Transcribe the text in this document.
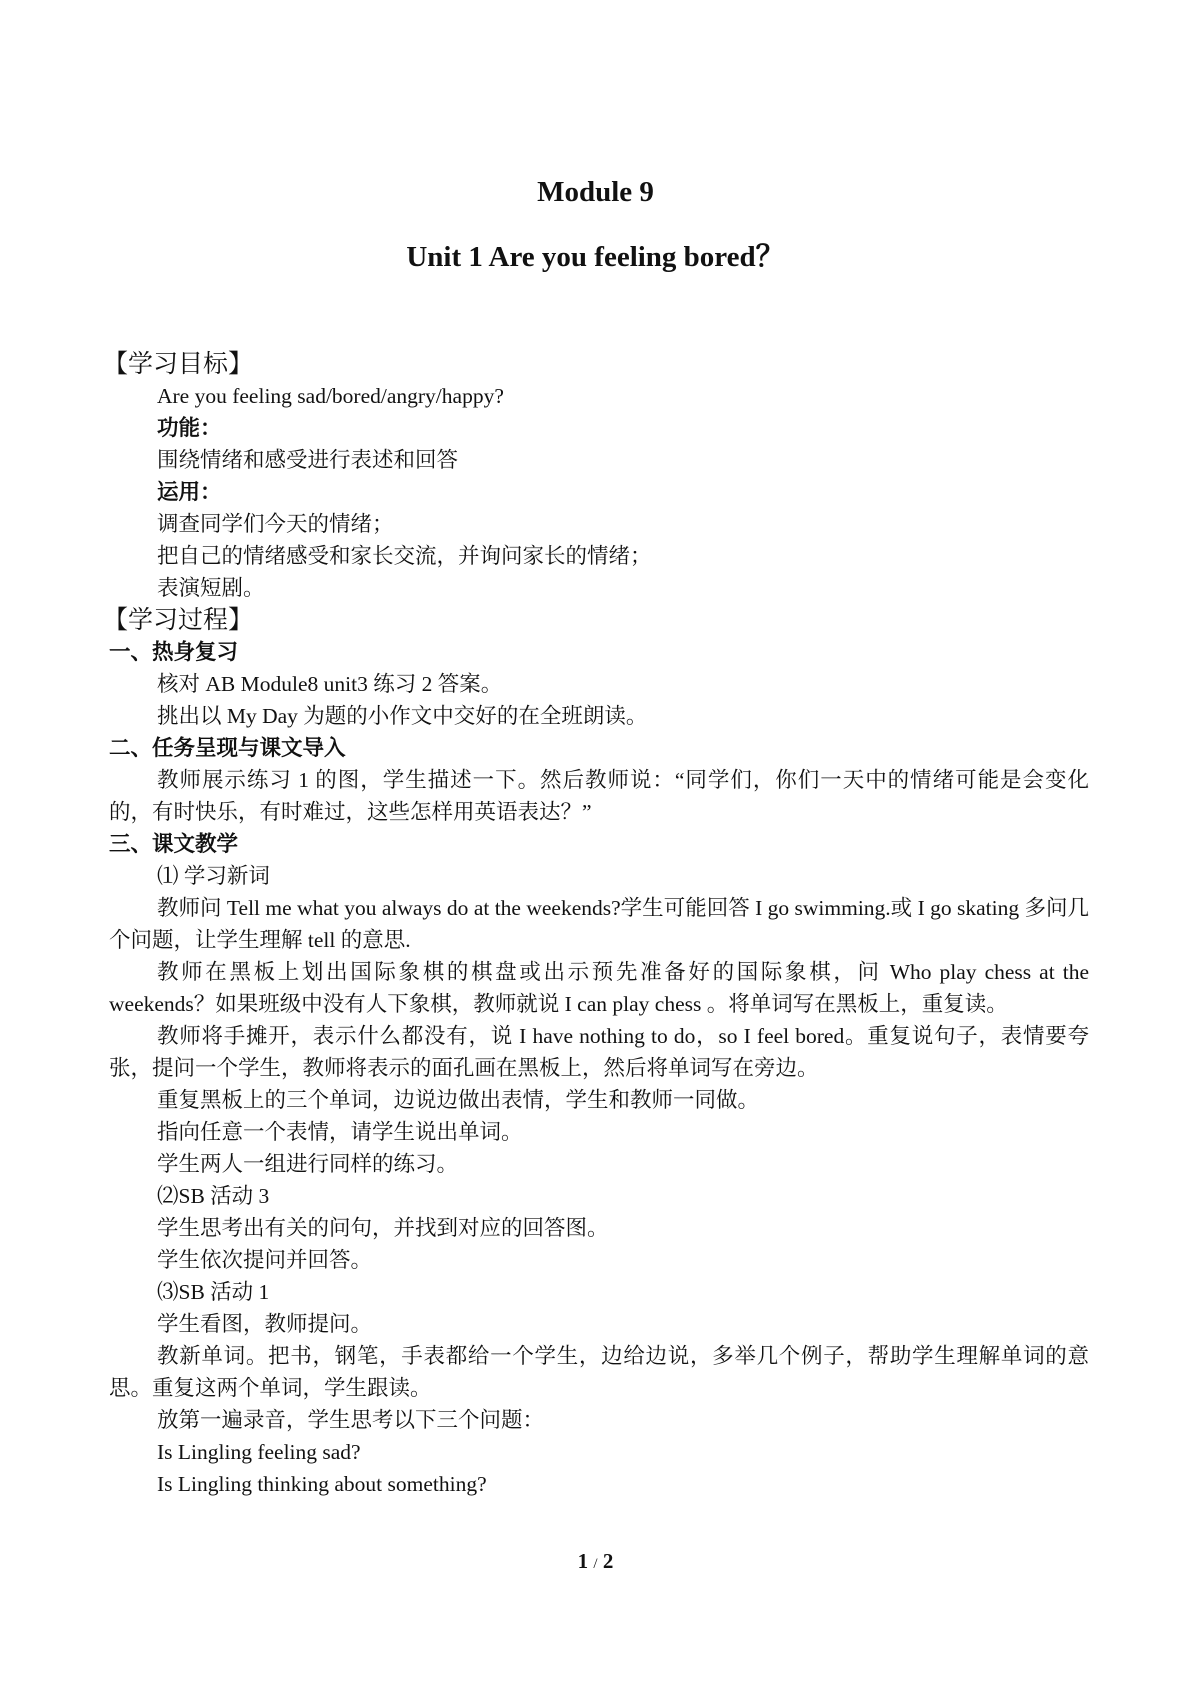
Module 9
Unit 1 Are you feeling bored？
【学习目标】
Are you feeling sad/bored/angry/happy?
功能：
围绕情绪和感受进行表述和回答
运用：
调查同学们今天的情绪；
把自己的情绪感受和家长交流，并询问家长的情绪；
表演短剧。
【学习过程】
一、热身复习
核对 AB Module8 unit3 练习 2 答案。
挑出以 My Day 为题的小作文中交好的在全班朗读。
二、任务呈现与课文导入

教师展示练习 1 的图，学生描述一下。然后教师说：“同学们，你们一天中的情绪可能是会变化的，有时快乐，有时难过，这些怎样用英语表达？”

三、课文教学
⑴ 学习新词

教师问 Tell me what you always do at the weekends?学生可能回答 I go swimming.或 I go skating 多问几个问题，让学生理解 tell 的意思.

教师在黑板上划出国际象棋的棋盘或出示预先准备好的国际象棋，问 Who play chess at the weekends？如果班级中没有人下象棋，教师就说 I can play chess 。将单词写在黑板上，重复读。

教师将手摊开，表示什么都没有，说 I have nothing to do，so I feel bored。重复说句子，表情要夸张，提问一个学生，教师将表示的面孔画在黑板上，然后将单词写在旁边。

重复黑板上的三个单词，边说边做出表情，学生和教师一同做。
指向任意一个表情，请学生说出单词。
学生两人一组进行同样的练习。
⑵SB 活动 3
学生思考出有关的问句，并找到对应的回答图。
学生依次提问并回答。
⑶SB 活动 1
学生看图，教师提问。

教新单词。把书，钢笔，手表都给一个学生，边给边说，多举几个例子，帮助学生理解单词的意思。重复这两个单词，学生跟读。

放第一遍录音，学生思考以下三个问题：
Is Lingling feeling sad?
Is Lingling thinking about something?
1 / 2
